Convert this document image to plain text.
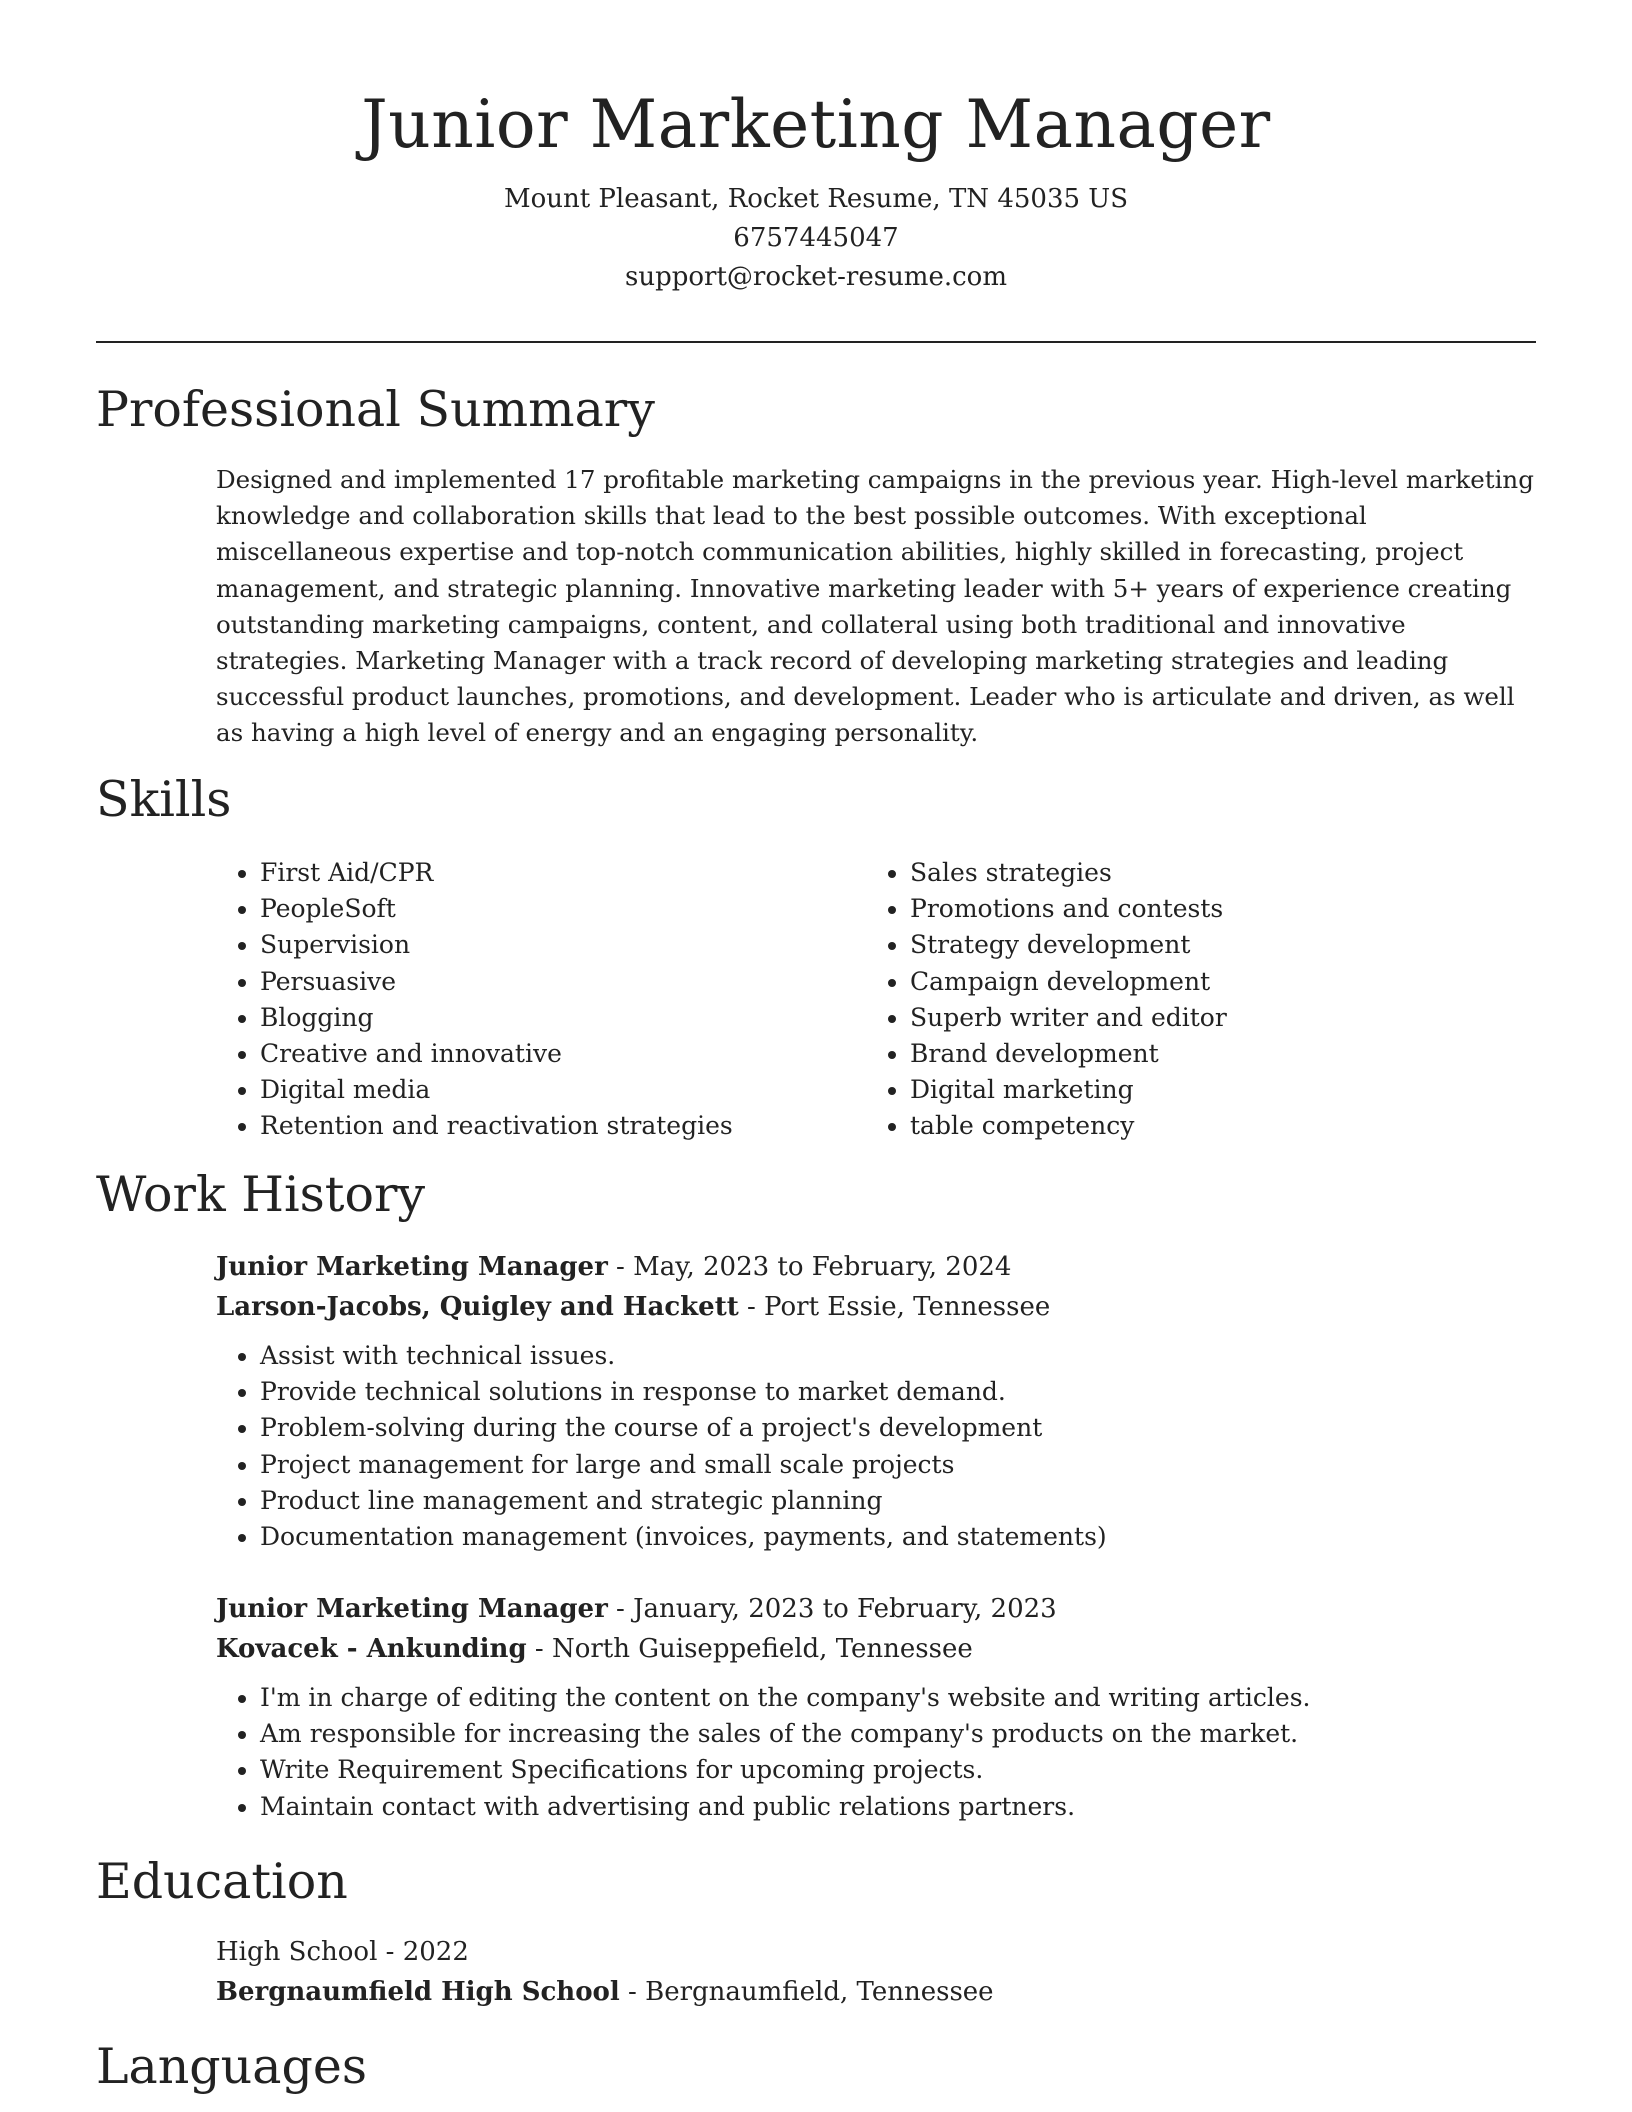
Junior Marketing Manager
Mount Pleasant, Rocket Resume, TN 45035 US
6757445047
support@rocket-resume.com
Professional Summary
Designed and implemented 17 profitable marketing campaigns in the previous year. High-level marketing knowledge and collaboration skills that lead to the best possible outcomes. With exceptional miscellaneous expertise and top-notch communication abilities, highly skilled in forecasting, project management, and strategic planning. Innovative marketing leader with 5+ years of experience creating outstanding marketing campaigns, content, and collateral using both traditional and innovative strategies. Marketing Manager with a track record of developing marketing strategies and leading successful product launches, promotions, and development. Leader who is articulate and driven, as well as having a high level of energy and an engaging personality.
Skills
• First Aid/CPR
• PeopleSoft
• Supervision
• Persuasive
• Blogging
• Creative and innovative
• Digital media
• Retention and reactivation strategies
• Sales strategies
• Promotions and contests
• Strategy development
• Campaign development
• Superb writer and editor
• Brand development
• Digital marketing
• table competency
Work History
Junior Marketing Manager - May, 2023 to February, 2024
Larson-Jacobs, Quigley and Hackett - Port Essie, Tennessee
• Assist with technical issues.
• Provide technical solutions in response to market demand.
• Problem-solving during the course of a project's development
• Project management for large and small scale projects
• Product line management and strategic planning
• Documentation management (invoices, payments, and statements)
Junior Marketing Manager - January, 2023 to February, 2023
Kovacek - Ankunding - North Guiseppefield, Tennessee
• I'm in charge of editing the content on the company's website and writing articles.
• Am responsible for increasing the sales of the company's products on the market.
• Write Requirement Specifications for upcoming projects.
• Maintain contact with advertising and public relations partners.
Education
High School - 2022
Bergnaumfield High School - Bergnaumfield, Tennessee
Languages
